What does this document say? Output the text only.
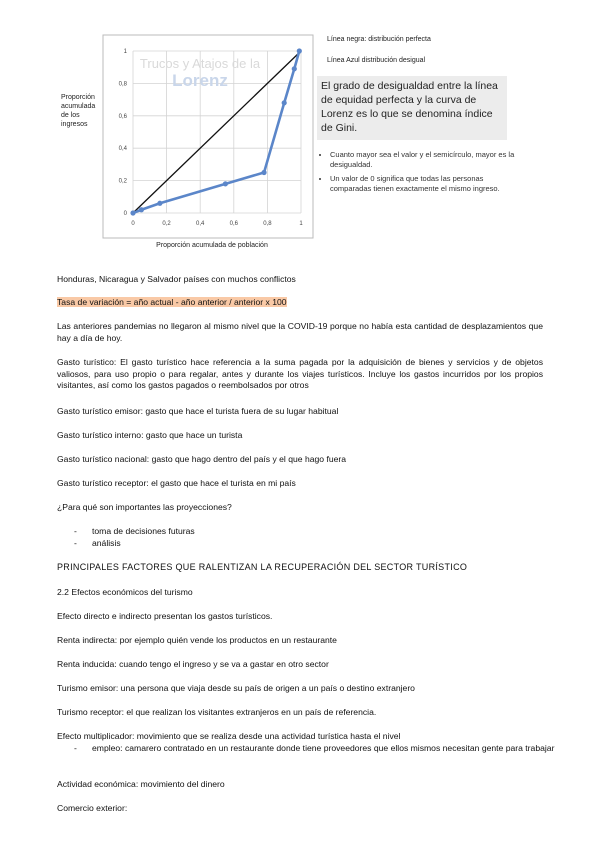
0
0,2
0,4
0,6
0,8
1
0	0,2	0,4	0,6	0,8	1
Trucos y Atajos de la
Lorenz
Proporción acumulada de población
Proporción
acumulada
de los
ingresos
Línea negra: distribución perfecta
Línea Azul distribución desigual
El grado de desigualdad entre la línea de equidad perfecta y la curva de Lorenz es lo que se denomina índice de Gini.
• Cuanto mayor sea el valor y el semicírculo, mayor es la desigualdad.
• Un valor de 0 significa que todas las personas comparadas tienen exactamente el mismo ingreso.
Honduras, Nicaragua y Salvador países con muchos conflictos
Tasa de variación = año actual - año anterior / anterior x 100
Las anteriores pandemias no llegaron al mismo nivel que la COVID-19 porque no había esta cantidad de desplazamientos que hay a día de hoy.
Gasto turístico: El gasto turístico hace referencia a la suma pagada por la adquisición de bienes y servicios y de objetos valiosos, para uso propio o para regalar, antes y durante los viajes turísticos. Incluye los gastos incurridos por los propios visitantes, así como los gastos pagados o reembolsados por otros
Gasto turístico emisor: gasto que hace el turista fuera de su lugar habitual
Gasto turístico interno: gasto que hace un turista
Gasto turístico nacional: gasto que hago dentro del país y el que hago fuera
Gasto turístico receptor: el gasto que hace el turista en mi país
¿Para qué son importantes las proyecciones?
- toma de decisiones futuras
- análisis
PRINCIPALES FACTORES QUE RALENTIZAN LA RECUPERACIÓN DEL SECTOR TURÍSTICO
2.2 Efectos económicos del turismo
Efecto directo e indirecto presentan los gastos turísticos.
Renta indirecta: por ejemplo quién vende los productos en un restaurante
Renta inducida: cuando tengo el ingreso y se va a gastar en otro sector
Turismo emisor: una persona que viaja desde su país de origen a un país o destino extranjero
Turismo receptor: el que realizan los visitantes extranjeros en un país de referencia.
Efecto multiplicador: movimiento que se realiza desde una actividad turística hasta el nivel
- empleo: camarero contratado en un restaurante donde tiene proveedores que ellos mismos necesitan gente para trabajar
Actividad económica: movimiento del dinero
Comercio exterior:
